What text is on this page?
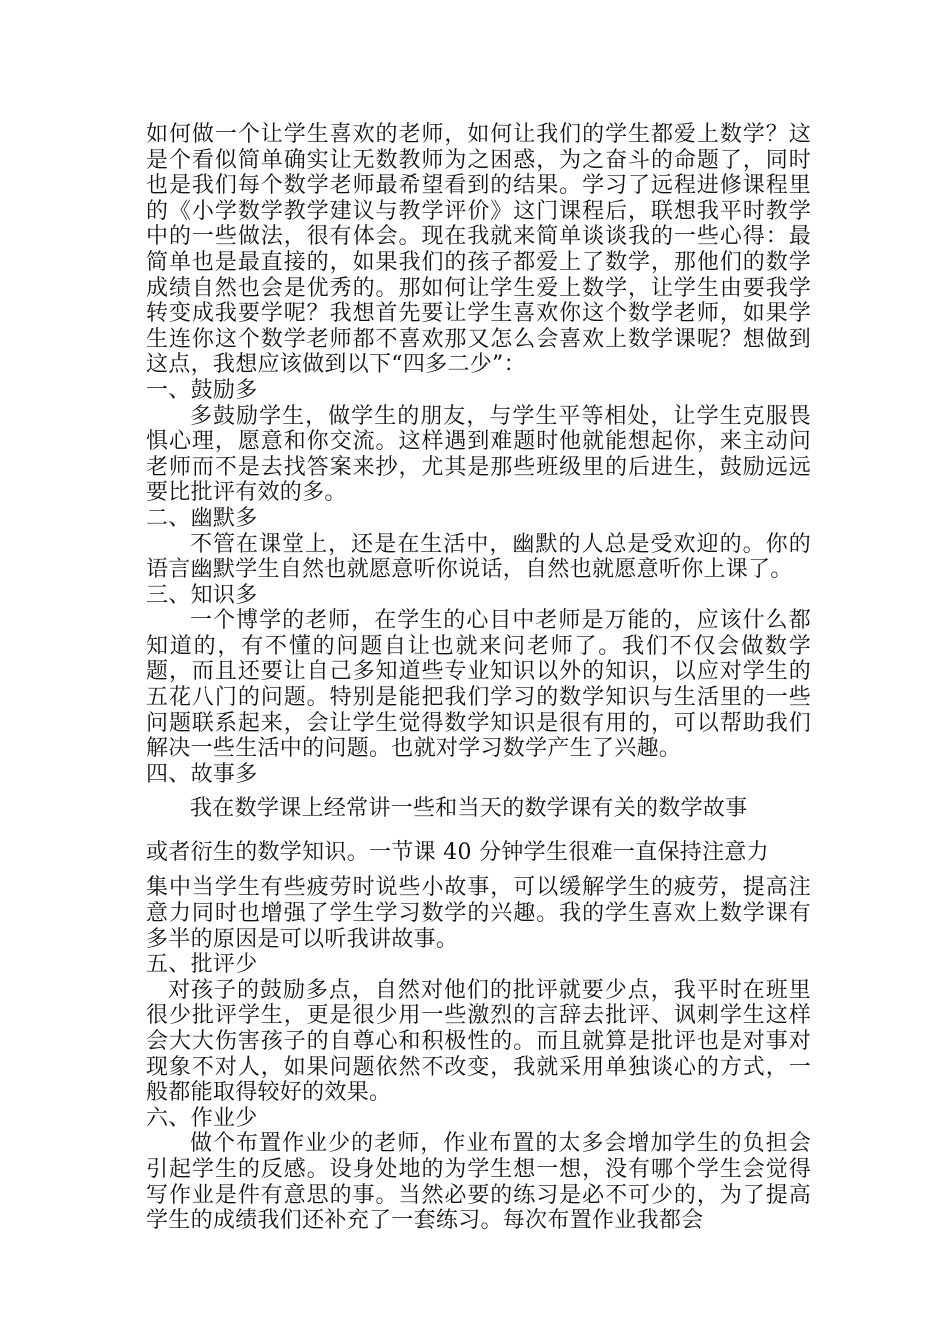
如何做一个让学生喜欢的老师，如何让我们的学生都爱上数学？这是个看似简单确实让无数教师为之困惑，为之奋斗的命题了，同时也是我们每个数学老师最希望看到的结果。学习了远程进修课程里的《小学数学教学建议与教学评价》这门课程后，联想我平时教学中的一些做法，很有体会。现在我就来简单谈谈我的一些心得：最简单也是最直接的，如果我们的孩子都爱上了数学，那他们的数学成绩自然也会是优秀的。那如何让学生爱上数学，让学生由要我学转变成我要学呢？我想首先要让学生喜欢你这个数学老师，如果学生连你这个数学老师都不喜欢那又怎么会喜欢上数学课呢？想做到这点，我想应该做到以下“四多二少”：

一、鼓励多

多鼓励学生，做学生的朋友，与学生平等相处，让学生克服畏惧心理，愿意和你交流。这样遇到难题时他就能想起你，来主动问老师而不是去找答案来抄，尤其是那些班级里的后进生，鼓励远远要比批评有效的多。

二、幽默多

不管在课堂上，还是在生活中，幽默的人总是受欢迎的。你的语言幽默学生自然也就愿意听你说话，自然也就愿意听你上课了。

三、知识多

一个博学的老师，在学生的心目中老师是万能的，应该什么都知道的，有不懂的问题自让也就来问老师了。我们不仅会做数学题，而且还要让自己多知道些专业知识以外的知识，以应对学生的五花八门的问题。特别是能把我们学习的数学知识与生活里的一些问题联系起来，会让学生觉得数学知识是很有用的，可以帮助我们解决一些生活中的问题。也就对学习数学产生了兴趣。

四、故事多

我在数学课上经常讲一些和当天的数学课有关的数学故事

或者衍生的数学知识。一节课 40 分钟学生很难一直保持注意力

集中当学生有些疲劳时说些小故事，可以缓解学生的疲劳，提高注意力同时也增强了学生学习数学的兴趣。我的学生喜欢上数学课有多半的原因是可以听我讲故事。

五、批评少

对孩子的鼓励多点，自然对他们的批评就要少点，我平时在班里很少批评学生，更是很少用一些激烈的言辞去批评、讽刺学生这样会大大伤害孩子的自尊心和积极性的。而且就算是批评也是对事对现象不对人，如果问题依然不改变，我就采用单独谈心的方式，一般都能取得较好的效果。

六、作业少

做个布置作业少的老师，作业布置的太多会增加学生的负担会引起学生的反感。设身处地的为学生想一想，没有哪个学生会觉得写作业是件有意思的事。当然必要的练习是必不可少的，为了提高学生的成绩我们还补充了一套练习。每次布置作业我都会
